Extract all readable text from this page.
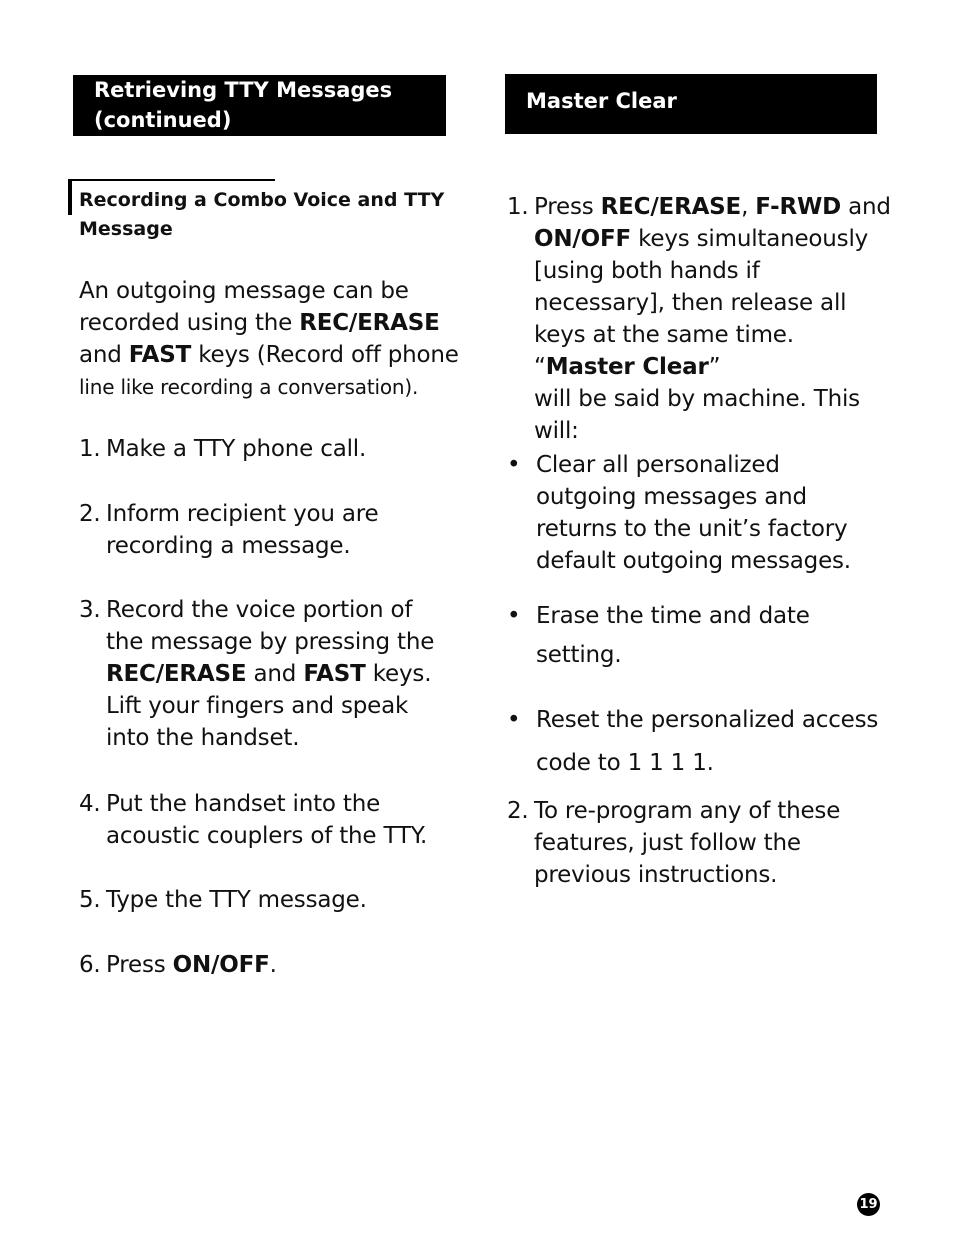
Retrieving TTY Messages
(continued)
Recording a Combo Voice and TTY
Message
An outgoing message can be recorded using the REC/ERASE and FAST keys (Record off phone
line like recording a conversation).
1. Make a TTY phone call.
2. Inform recipient you are recording a message.
3. Record the voice portion of the message by pressing the REC/ERASE and FAST keys. Lift your fingers and speak into the handset.
4. Put the handset into the acoustic couplers of the TTY.
5. Type the TTY message.
6. Press ON/OFF.
Master Clear
1. Press REC/ERASE, F-RWD and ON/OFF keys simultaneously [using both hands if necessary], then release all keys at the same time. “Master Clear”
will be said by machine. This will:
• Clear all personalized outgoing messages and returns to the unit’s factory default outgoing messages.
• Erase the time and date
setting.
• Reset the personalized access
code to 1 1 1 1.
2. To re-program any of these features, just follow the previous instructions.
19
